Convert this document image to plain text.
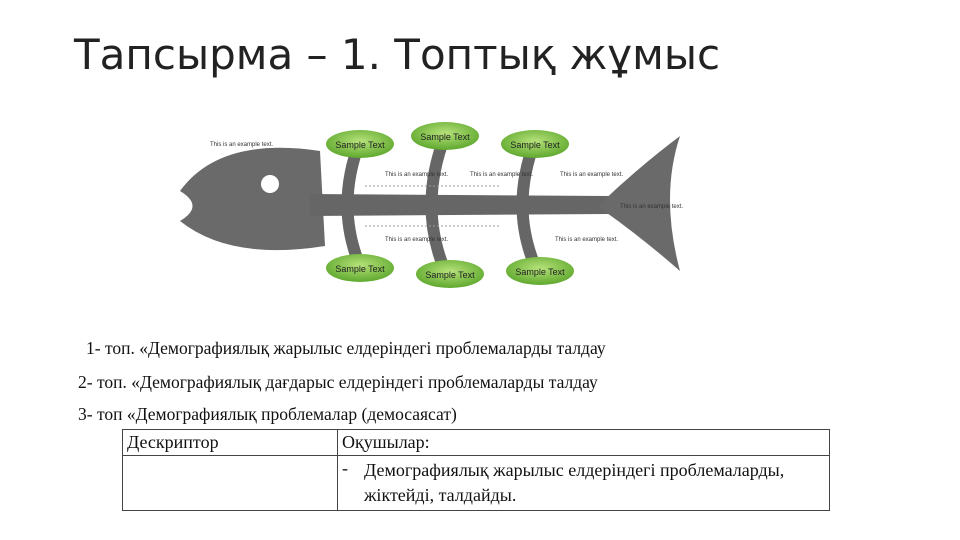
Тапсырма – 1. Топтық жұмыс
Sample Text
Sample Text
Sample Text
Sample Text
Sample Text	Sample Text
This is an example text.
This is an example text.	This is an example text.	This is an example text.
This is an example text.
This is an example text.	This is an example text.
1- топ. «Демографиялық жарылыс елдеріндегі проблемаларды талдау
2- топ. «Демографиялық дағдарыс елдеріндегі проблемаларды талдау
3- топ «Демографиялық проблемалар (демосаясат)
Дескриптор	Оқушылар:

	- Демографиялық жарылыс елдеріндегі проблемаларды, жіктейді, талдайды.
